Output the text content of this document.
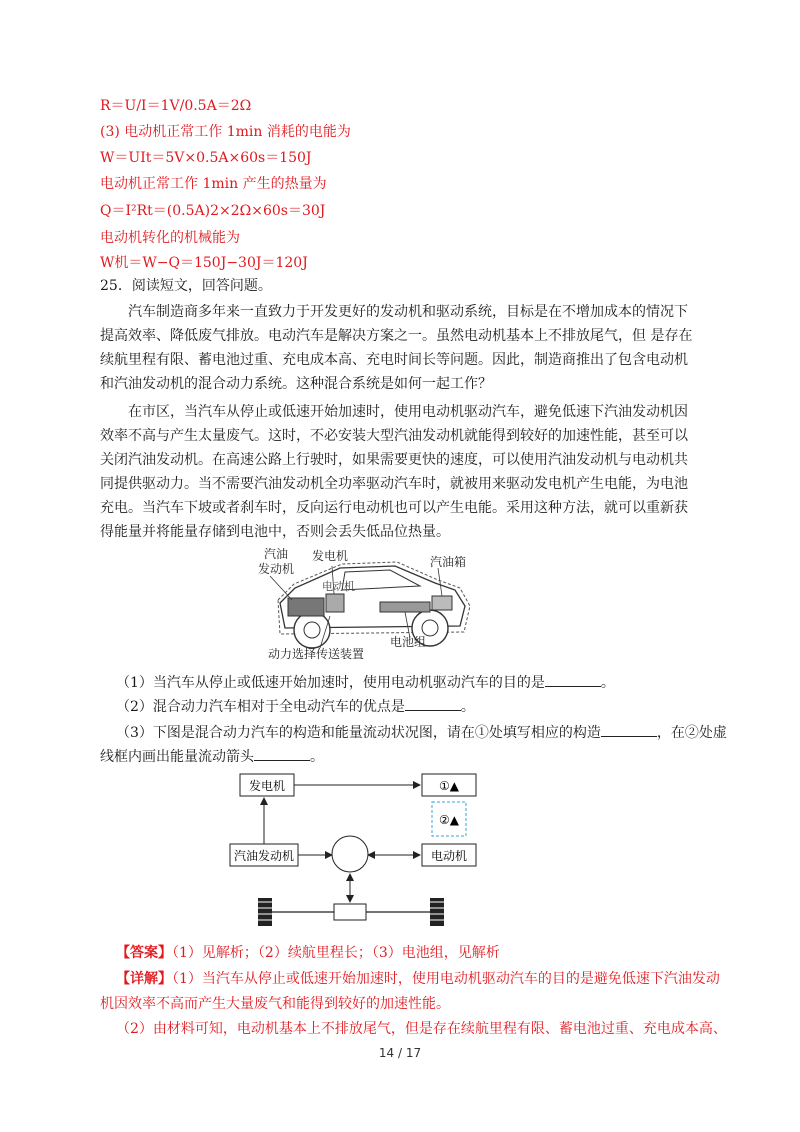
R＝U/I＝1V/0.5A＝2Ω
(3) 电动机正常工作 1min 消耗的电能为
W＝UIt＝5V×0.5A×60s＝150J
电动机正常工作 1min 产生的热量为
Q＝I²Rt＝(0.5A)2×2Ω×60s＝30J
电动机转化的机械能为
W机＝W−Q＝150J−30J＝120J
25．阅读短文，回答问题。

汽车制造商多年来一直致力于开发更好的发动机和驱动系统，目标是在不增加成本的情况下提高效率、降低废气排放。电动汽车是解决方案之一。虽然电动机基本上不排放尾气，但 是存在续航里程有限、蓄电池过重、充电成本高、充电时间长等问题。因此，制造商推出了包含电动机和汽油发动机的混合动力系统。这种混合系统是如何一起工作？

在市区，当汽车从停止或低速开始加速时，使用电动机驱动汽车，避免低速下汽油发动机因效率不高与产生太量废气。这时，不必安装大型汽油发动机就能得到较好的加速性能，甚至可以关闭汽油发动机。在高速公路上行驶时，如果需要更快的速度，可以使用汽油发动机与电动机共同提供驱动力。当不需要汽油发动机全功率驱动汽车时，就被用来驱动发电机产生电能，为电池充电。当汽车下坡或者刹车时，反向运行电动机也可以产生电能。采用这种方法，就可以重新获得能量并将能量存储到电池中，否则会丢失低品位热量。

汽油
发动机
发电机
电动机
汽油箱
电池组
动力选择传送装置
（1）当汽车从停止或低速开始加速时，使用电动机驱动汽车的目的是	。
（2）混合动力汽车相对于全电动汽车的优点是	。
（3）下图是混合动力汽车的构造和能量流动状况图，请在①处填写相应的构造	，在②处虚
线框内画出能量流动箭头	。
发电机	①▲
②▲
汽油发动机	电动机
【答案】（1）见解析；（2）续航里程长；（3）电池组，见解析
【详解】（1）当汽车从停止或低速开始加速时，使用电动机驱动汽车的目的是避免低速下汽油发动
机因效率不高而产生大量废气和能得到较好的加速性能。
（2）由材料可知，电动机基本上不排放尾气，但是存在续航里程有限、蓄电池过重、充电成本高、
14 / 17
